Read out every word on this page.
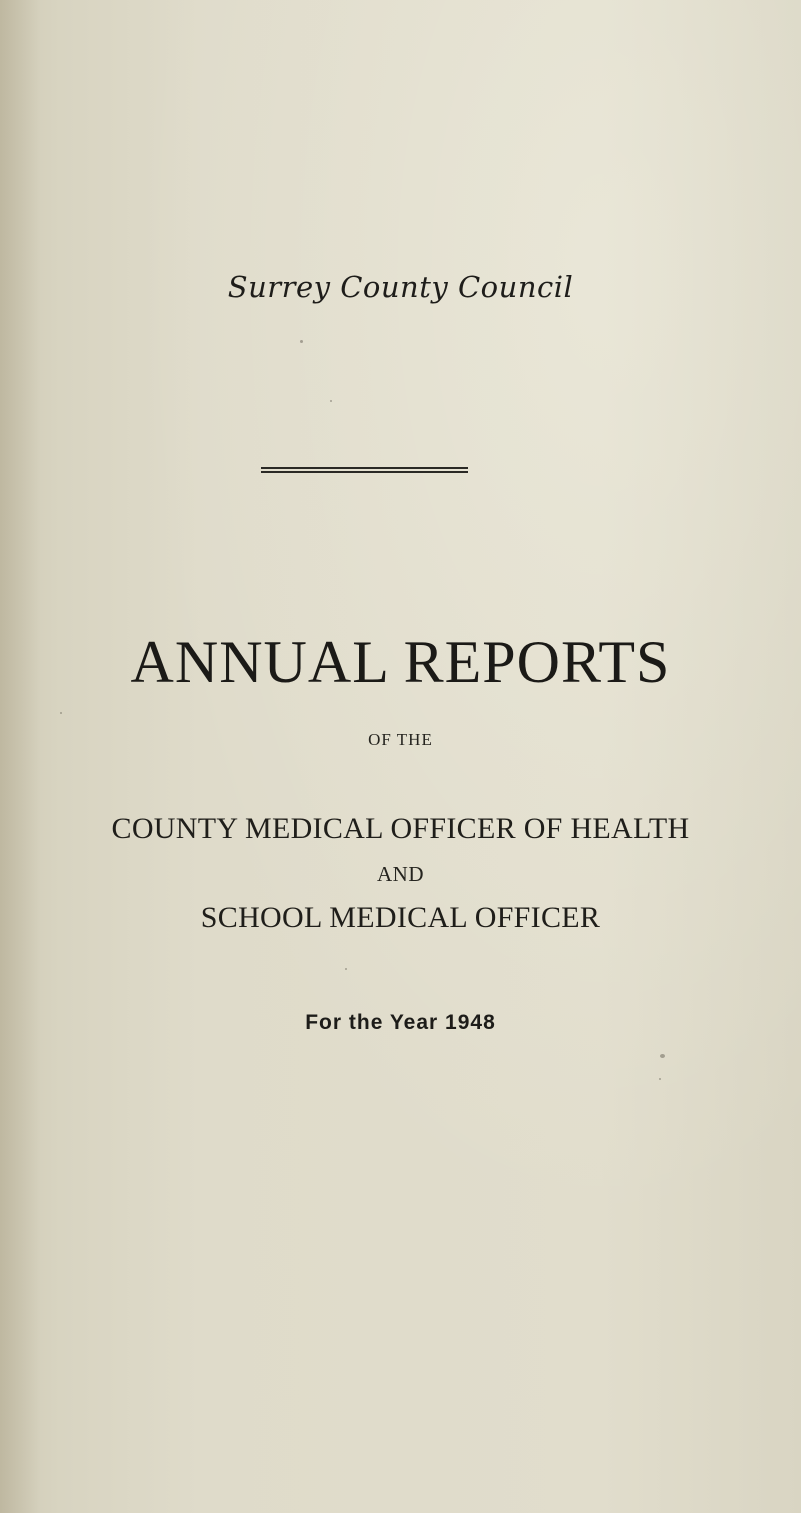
Surrey County Council
ANNUAL REPORTS
OF THE
COUNTY MEDICAL OFFICER OF HEALTH
AND
SCHOOL MEDICAL OFFICER
For the Year 1948
